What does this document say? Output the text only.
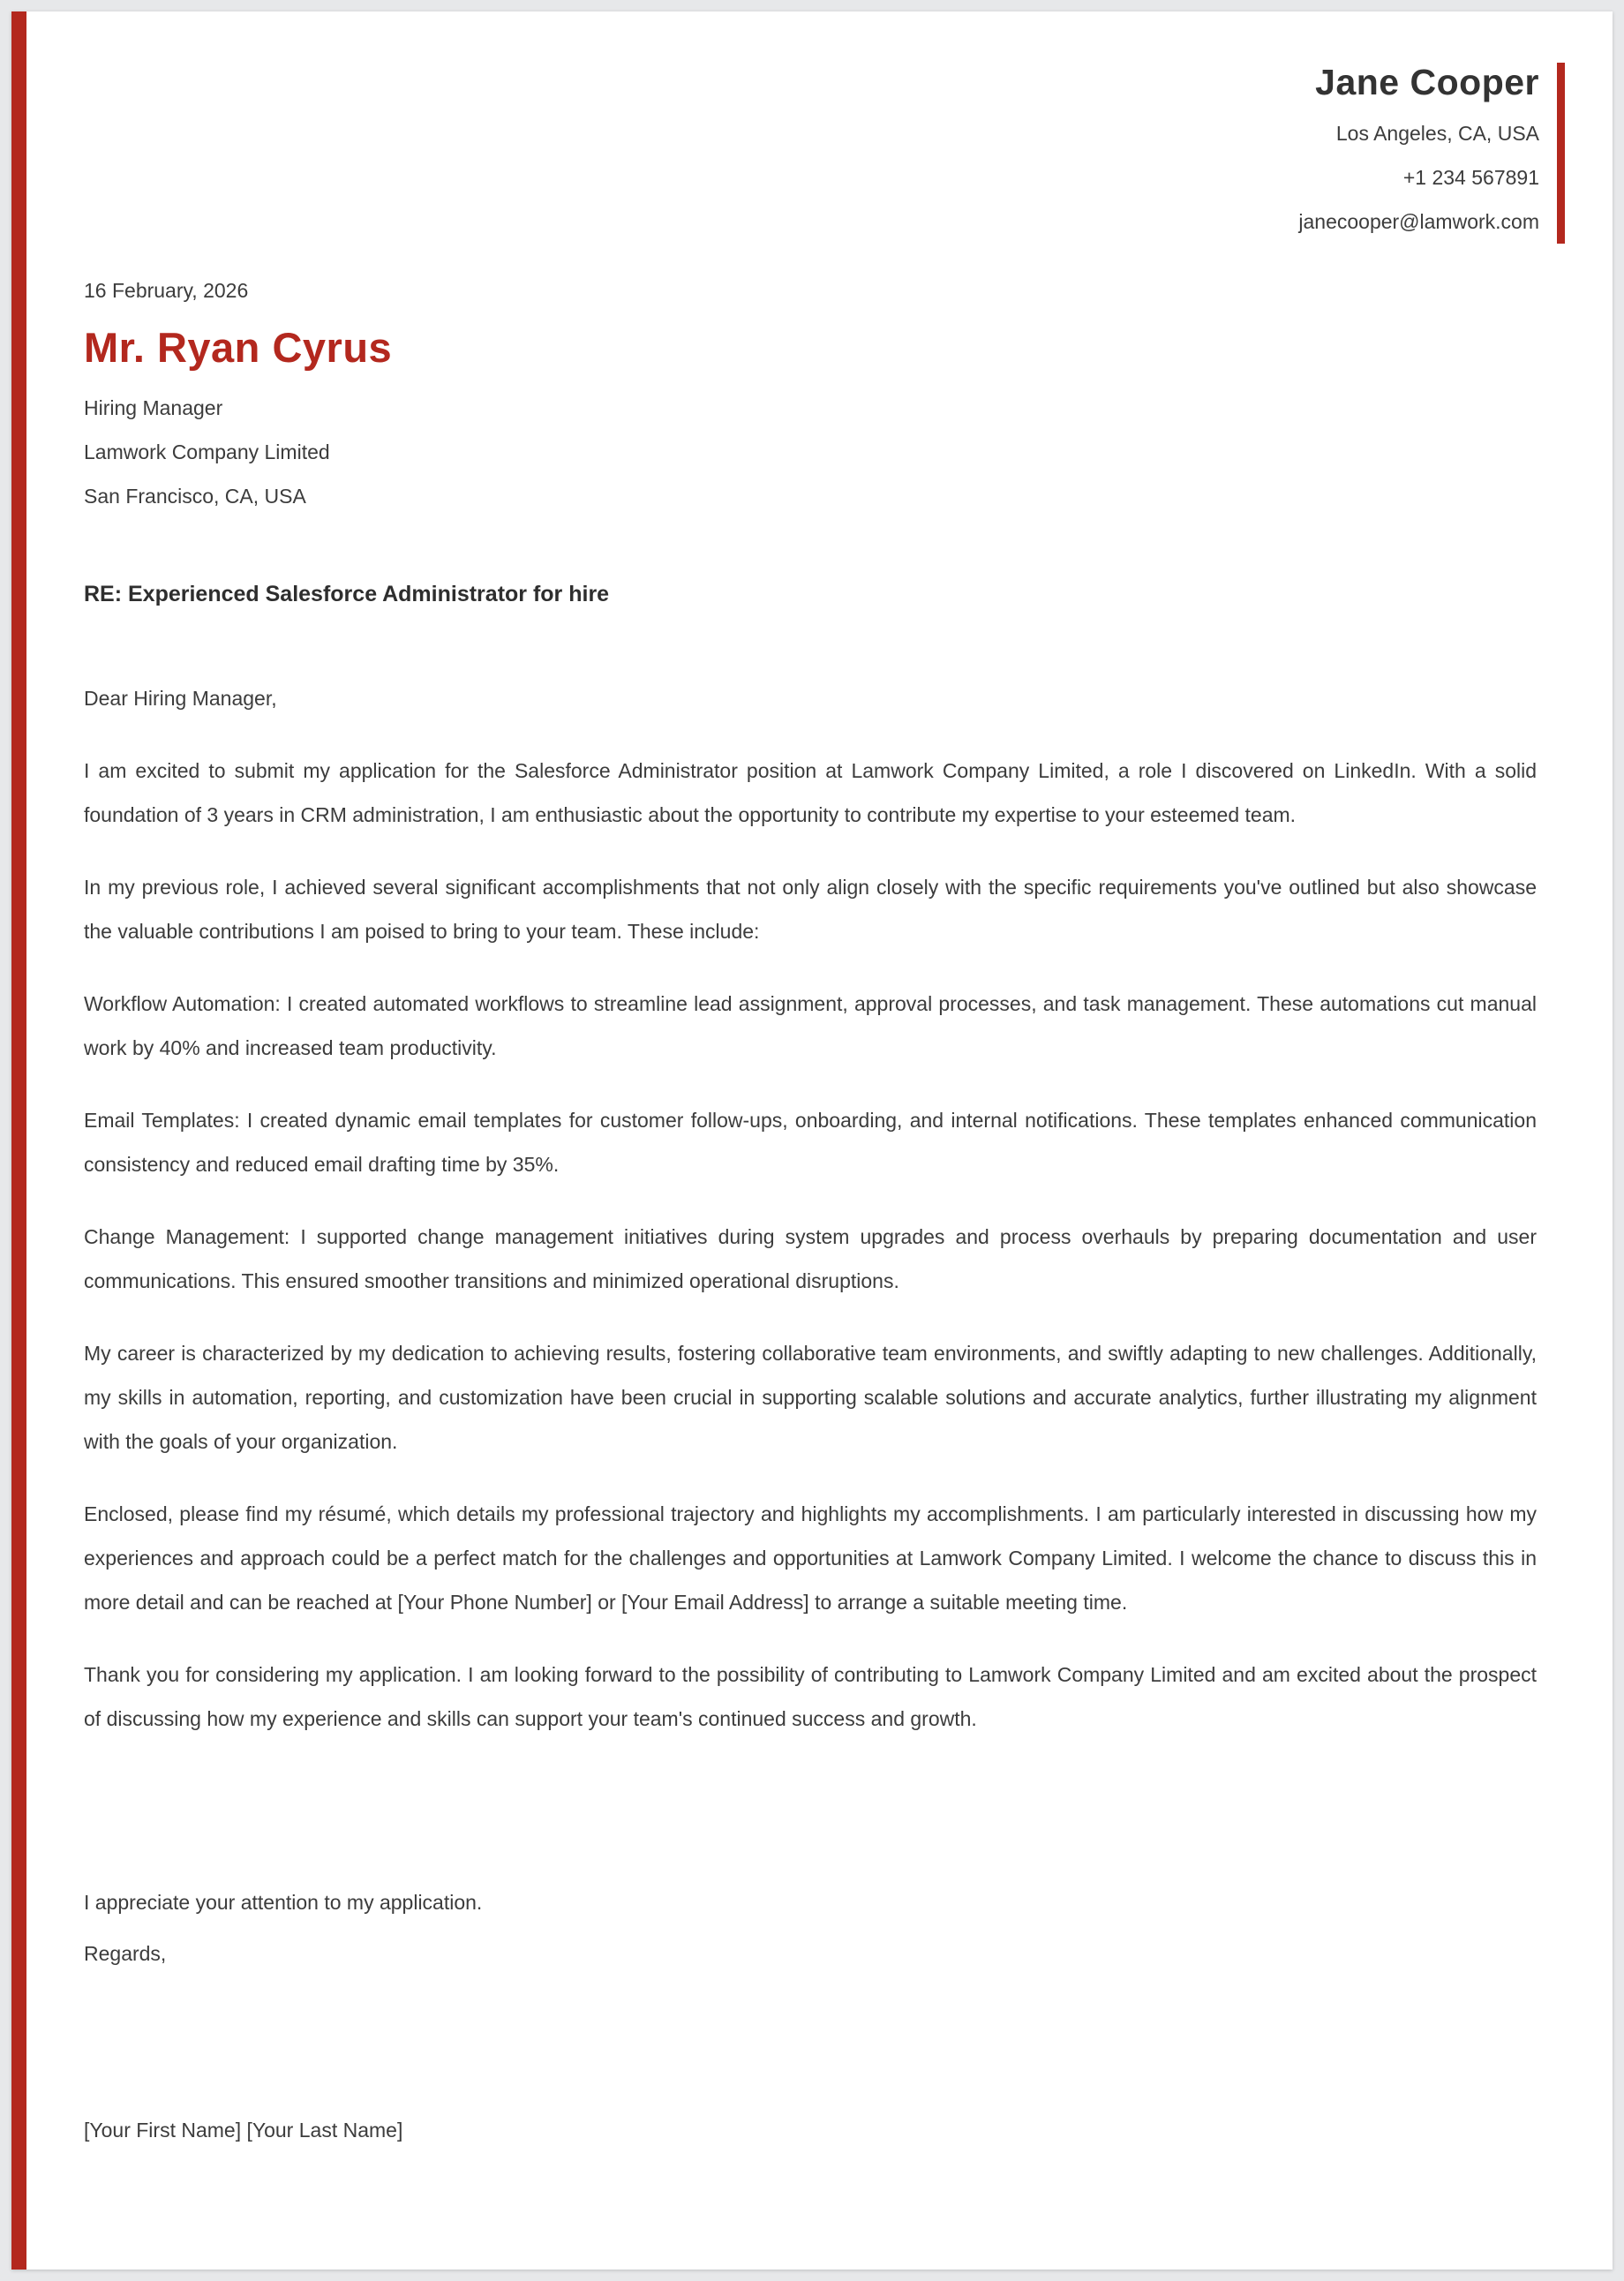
Jane Cooper
Los Angeles, CA, USA
+1 234 567891
janecooper@lamwork.com
16 February, 2026
Mr. Ryan Cyrus
Hiring Manager
Lamwork Company Limited
San Francisco, CA, USA
RE: Experienced Salesforce Administrator for hire
Dear Hiring Manager,

I am excited to submit my application for the Salesforce Administrator position at Lamwork Company Limited, a role I discovered on LinkedIn. With a solid foundation of 3 years in CRM administration, I am enthusiastic about the opportunity to contribute my expertise to your esteemed team.

In my previous role, I achieved several significant accomplishments that not only align closely with the specific requirements you've outlined but also showcase the valuable contributions I am poised to bring to your team. These include:

Workflow Automation: I created automated workflows to streamline lead assignment, approval processes, and task management. These automations cut manual work by 40% and increased team productivity.

Email Templates: I created dynamic email templates for customer follow-ups, onboarding, and internal notifications. These templates enhanced communication consistency and reduced email drafting time by 35%.

Change Management: I supported change management initiatives during system upgrades and process overhauls by preparing documentation and user communications. This ensured smoother transitions and minimized operational disruptions.

My career is characterized by my dedication to achieving results, fostering collaborative team environments, and swiftly adapting to new challenges. Additionally, my skills in automation, reporting, and customization have been crucial in supporting scalable solutions and accurate analytics, further illustrating my alignment with the goals of your organization.

Enclosed, please find my résumé, which details my professional trajectory and highlights my accomplishments. I am particularly interested in discussing how my experiences and approach could be a perfect match for the challenges and opportunities at Lamwork Company Limited. I welcome the chance to discuss this in more detail and can be reached at [Your Phone Number] or [Your Email Address] to arrange a suitable meeting time.

Thank you for considering my application. I am looking forward to the possibility of contributing to Lamwork Company Limited and am excited about the prospect of discussing how my experience and skills can support your team's continued success and growth.

I appreciate your attention to my application.
Regards,
[Your First Name] [Your Last Name]
